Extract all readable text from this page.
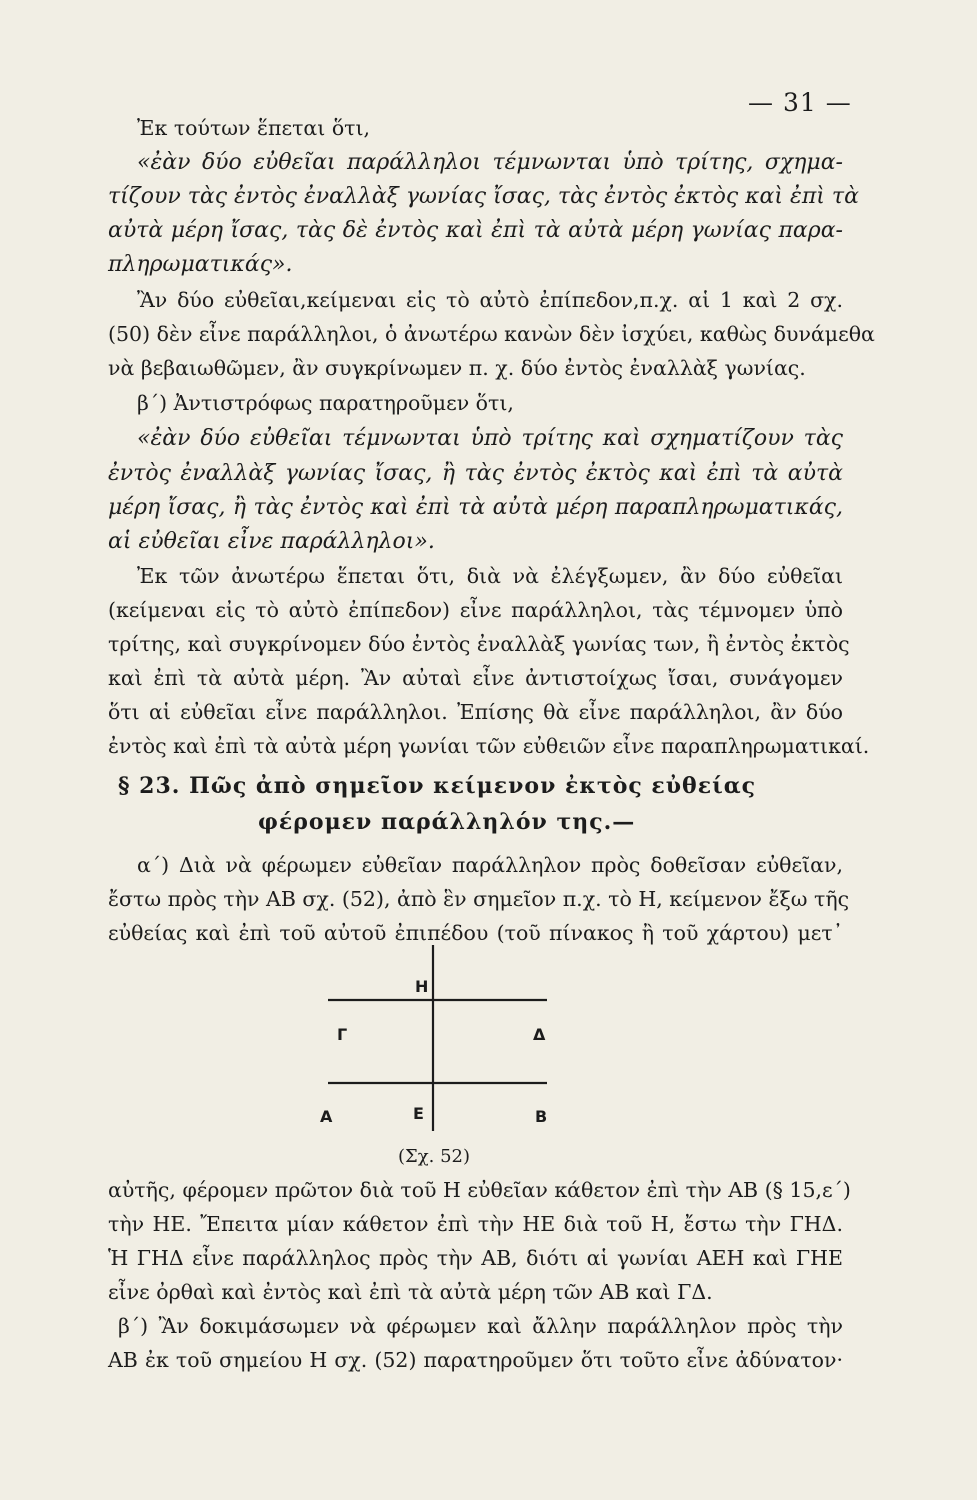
— 31 —
Ἐκ τούτων ἕπεται ὅτι,
«ἐὰν δύο εὐθεῖαι παράλληλοι τέμνωνται ὑπὸ τρίτης, σχημα-
τίζουν τὰς ἐντὸς ἐναλλὰξ γωνίας ἴσας, τὰς ἐντὸς ἐκτὸς καὶ ἐπὶ τὰ
αὐτὰ μέρη ἴσας, τὰς δὲ ἐντὸς καὶ ἐπὶ τὰ αὐτὰ μέρη γωνίας παρα-
πληρωματικάς».
Ἂν δύο εὐθεῖαι,κείμεναι εἰς τὸ αὐτὸ ἐπίπεδον,π.χ. αἱ 1 καὶ 2 σχ.
(50) δὲν εἶνε παράλληλοι, ὁ ἀνωτέρω κανὼν δὲν ἰσχύει, καθὼς δυνάμεθα
νὰ βεβαιωθῶμεν, ἂν συγκρίνωμεν π. χ. δύο ἐντὸς ἐναλλὰξ γωνίας.
β´) Ἀντιστρόφως παρατηροῦμεν ὅτι,
«ἐὰν δύο εὐθεῖαι τέμνωνται ὑπὸ τρίτης καὶ σχηματίζουν τὰς
ἐντὸς ἐναλλὰξ γωνίας ἴσας, ἢ τὰς ἐντὸς ἐκτὸς καὶ ἐπὶ τὰ αὐτὰ
μέρη ἴσας, ἢ τὰς ἐντὸς καὶ ἐπὶ τὰ αὐτὰ μέρη παραπληρωματικάς,
αἱ εὐθεῖαι εἶνε παράλληλοι».
Ἐκ τῶν ἀνωτέρω ἕπεται ὅτι, διὰ νὰ ἐλέγξωμεν, ἂν δύο εὐθεῖαι
(κείμεναι εἰς τὸ αὐτὸ ἐπίπεδον) εἶνε παράλληλοι, τὰς τέμνομεν ὑπὸ
τρίτης, καὶ συγκρίνομεν δύο ἐντὸς ἐναλλὰξ γωνίας των, ἢ ἐντὸς ἐκτὸς
καὶ ἐπὶ τὰ αὐτὰ μέρη. Ἂν αὐταὶ εἶνε ἀντιστοίχως ἴσαι, συνάγομεν
ὅτι αἱ εὐθεῖαι εἶνε παράλληλοι. Ἐπίσης θὰ εἶνε παράλληλοι, ἂν δύο
ἐντὸς καὶ ἐπὶ τὰ αὐτὰ μέρη γωνίαι τῶν εὐθειῶν εἶνε παραπληρωματικαί.
§ 23. Πῶς ἀπὸ σημεῖον κείμενον ἐκτὸς εὐθείας
φέρομεν παράλληλόν της.—
α´) Διὰ νὰ φέρωμεν εὐθεῖαν παράλληλον πρὸς δοθεῖσαν εὐθεῖαν,
ἔστω πρὸς τὴν ΑΒ σχ. (52), ἀπὸ ἓν σημεῖον π.χ. τὸ Η, κείμενον ἔξω τῆς
εὐθείας καὶ ἐπὶ τοῦ αὐτοῦ ἐπιπέδου (τοῦ πίνακος ἢ τοῦ χάρτου) μετ᾿
Η
Γ	Δ
Α	Ε	Β
(Σχ. 52)
αὐτῆς, φέρομεν πρῶτον διὰ τοῦ Η εὐθεῖαν κάθετον ἐπὶ τὴν ΑΒ (§ 15,ε´)
τὴν ΗΕ. Ἔπειτα μίαν κάθετον ἐπὶ τὴν ΗΕ διὰ τοῦ Η, ἔστω τὴν ΓΗΔ.
Ἡ ΓΗΔ εἶνε παράλληλος πρὸς τὴν ΑΒ, διότι αἱ γωνίαι ΑΕΗ καὶ ΓΗΕ
εἶνε ὀρθαὶ καὶ ἐντὸς καὶ ἐπὶ τὰ αὐτὰ μέρη τῶν ΑΒ καὶ ΓΔ.
β´) Ἂν δοκιμάσωμεν νὰ φέρωμεν καὶ ἄλλην παράλληλον πρὸς τὴν
ΑΒ ἐκ τοῦ σημείου Η σχ. (52) παρατηροῦμεν ὅτι τοῦτο εἶνε ἀδύνατον·
